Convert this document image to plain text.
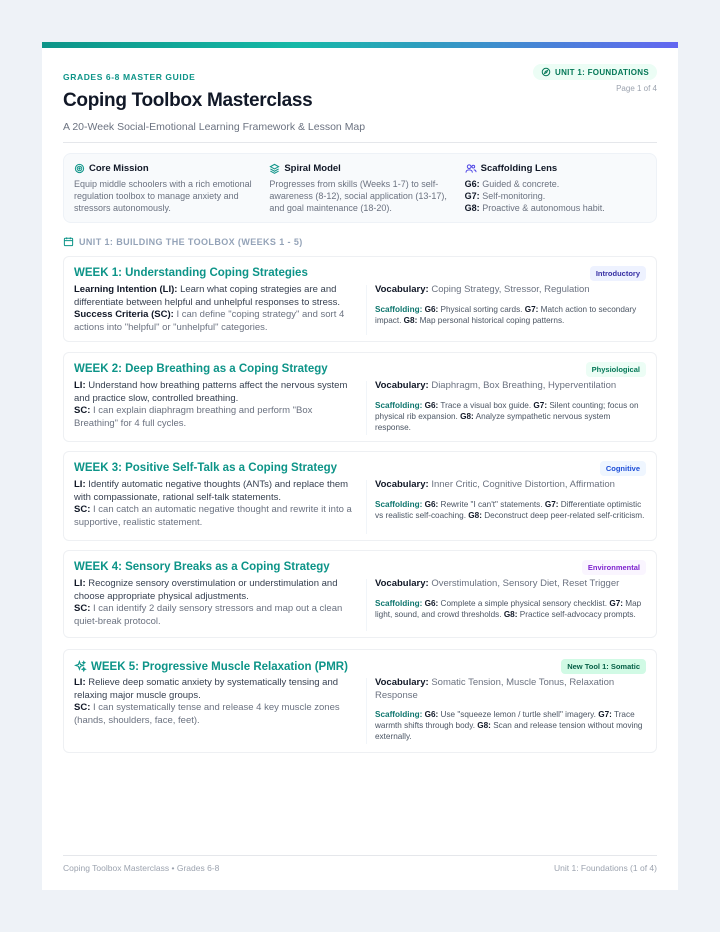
GRADES 6-8 MASTER GUIDE
Coping Toolbox Masterclass
A 20-Week Social-Emotional Learning Framework & Lesson Map
UNIT 1: FOUNDATIONS
Page 1 of 4
Core Mission
Equip middle schoolers with a rich emotional regulation toolbox to manage anxiety and stressors autonomously.
Spiral Model
Progresses from skills (Weeks 1-7) to self-awareness (8-12), social application (13-17), and goal maintenance (18-20).
Scaffolding Lens
G6: Guided & concrete.
G7: Self-monitoring.
G8: Proactive & autonomous habit.
UNIT 1: BUILDING THE TOOLBOX (WEEKS 1 - 5)
WEEK 1: Understanding Coping Strategies	Introductory
Learning Intention (LI): Learn what coping strategies are and differentiate between helpful and unhelpful responses to stress.
Success Criteria (SC): I can define "coping strategy" and sort 4 actions into "helpful" or "unhelpful" categories.
Vocabulary: Coping Strategy, Stressor, Regulation
Scaffolding: G6: Physical sorting cards. G7: Match action to secondary impact. G8: Map personal historical coping patterns.
WEEK 2: Deep Breathing as a Coping Strategy	Physiological
LI: Understand how breathing patterns affect the nervous system and practice slow, controlled breathing.
SC: I can explain diaphragm breathing and perform "Box Breathing" for 4 full cycles.
Vocabulary: Diaphragm, Box Breathing, Hyperventilation
Scaffolding: G6: Trace a visual box guide. G7: Silent counting; focus on physical rib expansion. G8: Analyze sympathetic nervous system response.
WEEK 3: Positive Self-Talk as a Coping Strategy	Cognitive
LI: Identify automatic negative thoughts (ANTs) and replace them with compassionate, rational self-talk statements.
SC: I can catch an automatic negative thought and rewrite it into a supportive, realistic statement.
Vocabulary: Inner Critic, Cognitive Distortion, Affirmation
Scaffolding: G6: Rewrite "I can't" statements. G7: Differentiate optimistic vs realistic self-coaching. G8: Deconstruct deep peer-related self-criticism.
WEEK 4: Sensory Breaks as a Coping Strategy	Environmental
LI: Recognize sensory overstimulation or understimulation and choose appropriate physical adjustments.
SC: I can identify 2 daily sensory stressors and map out a clean quiet-break protocol.
Vocabulary: Overstimulation, Sensory Diet, Reset Trigger
Scaffolding: G6: Complete a simple physical sensory checklist. G7: Map light, sound, and crowd thresholds. G8: Practice self-advocacy prompts.
WEEK 5: Progressive Muscle Relaxation (PMR)	New Tool 1: Somatic
LI: Relieve deep somatic anxiety by systematically tensing and relaxing major muscle groups.
SC: I can systematically tense and release 4 key muscle zones (hands, shoulders, face, feet).
Vocabulary: Somatic Tension, Muscle Tonus, Relaxation Response
Scaffolding: G6: Use "squeeze lemon / turtle shell" imagery. G7: Trace warmth shifts through body. G8: Scan and release tension without moving externally.
Coping Toolbox Masterclass • Grades 6-8	Unit 1: Foundations (1 of 4)
